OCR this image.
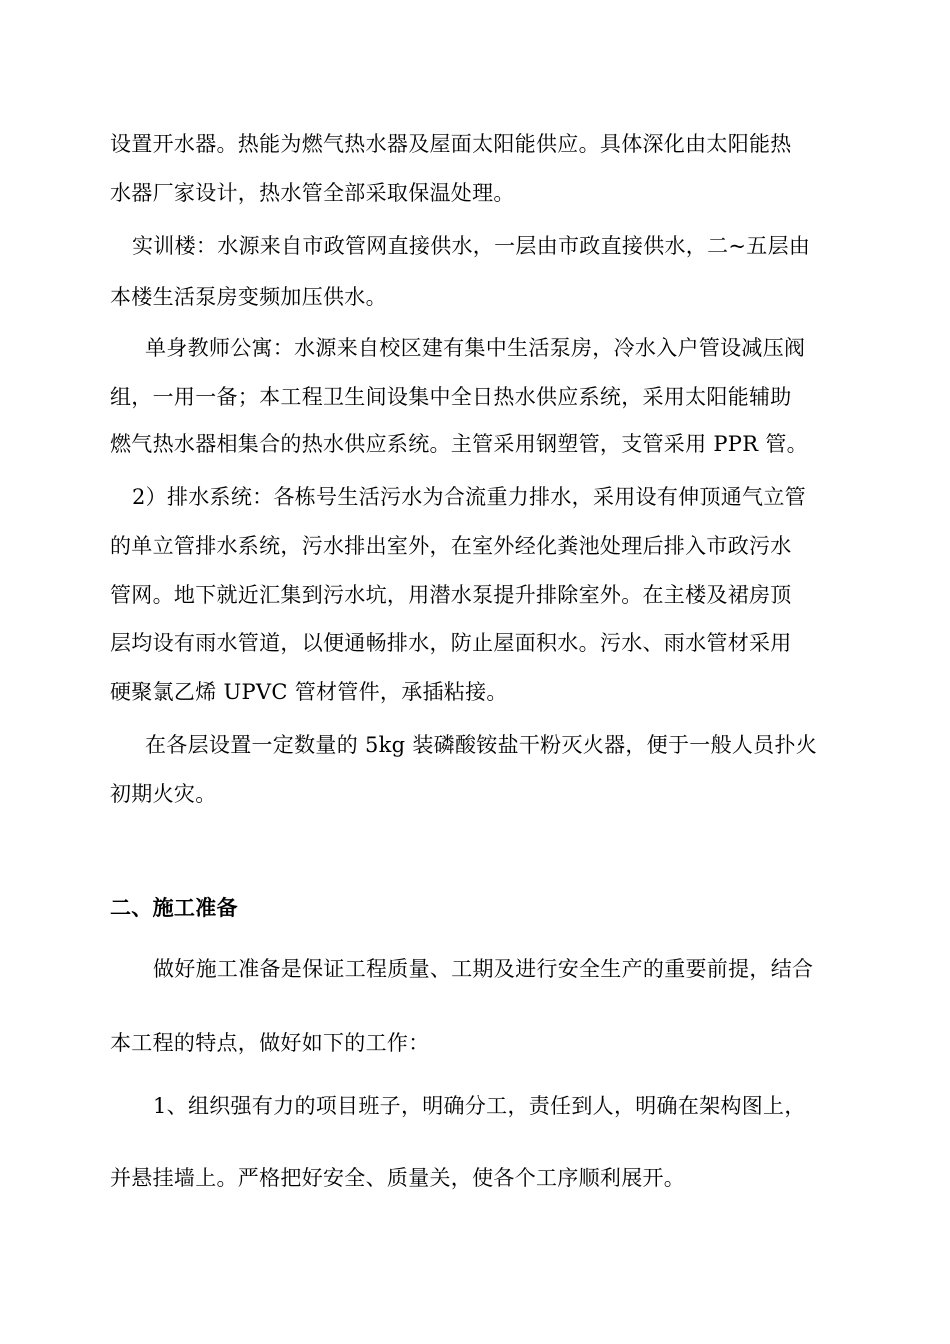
设置开水器。热能为燃气热水器及屋面太阳能供应。具体深化由太阳能热
水器厂家设计，热水管全部采取保温处理。
实训楼：水源来自市政管网直接供水，一层由市政直接供水，二~五层由
本楼生活泵房变频加压供水。
单身教师公寓：水源来自校区建有集中生活泵房，冷水入户管设减压阀
组，一用一备；本工程卫生间设集中全日热水供应系统，采用太阳能辅助
燃气热水器相集合的热水供应系统。主管采用钢塑管，支管采用 PPR 管。
2）排水系统：各栋号生活污水为合流重力排水，采用设有伸顶通气立管
的单立管排水系统，污水排出室外，在室外经化粪池处理后排入市政污水
管网。地下就近汇集到污水坑，用潜水泵提升排除室外。在主楼及裙房顶
层均设有雨水管道，以便通畅排水，防止屋面积水。污水、雨水管材采用
硬聚氯乙烯 UPVC 管材管件，承插粘接。
在各层设置一定数量的 5kg 装磷酸铵盐干粉灭火器，便于一般人员扑火
初期火灾。
二、施工准备
做好施工准备是保证工程质量、工期及进行安全生产的重要前提，结合
本工程的特点，做好如下的工作：
1、组织强有力的项目班子，明确分工，责任到人，明确在架构图上，
并悬挂墙上。严格把好安全、质量关，使各个工序顺利展开。
